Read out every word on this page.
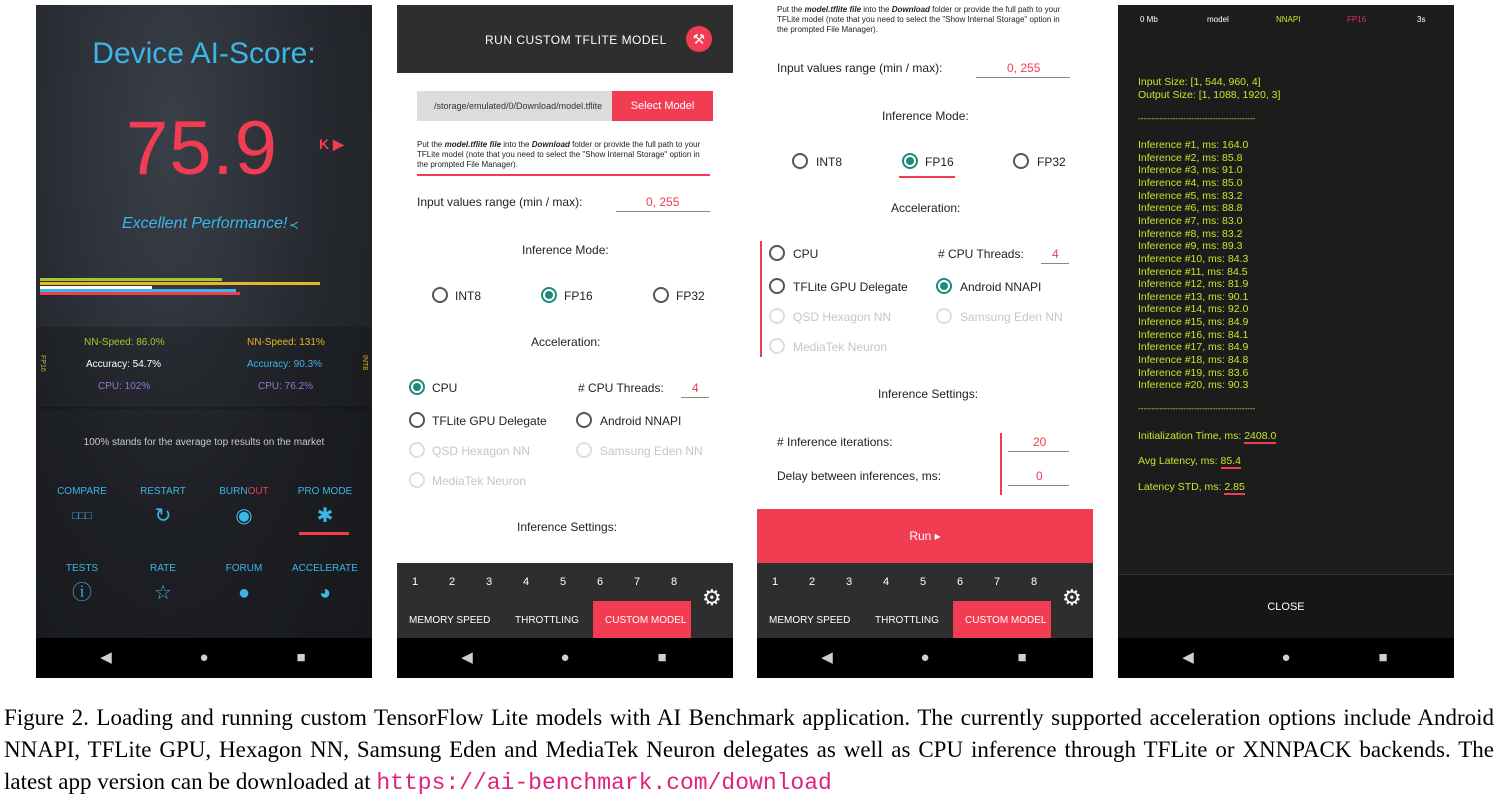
Device AI-Score:
75.9	K ▶
Excellent Performance! ≺
FP16	INT8
NN-Speed: 86.0%
Accuracy: 54.7%
CPU: 102%
NN-Speed: 131%
Accuracy: 90.3%
CPU: 76.2%
100% stands for the average top results on the market
COMPARE
□□□
RESTART
↻
BURNOUT
◉
PRO MODE
✱
TESTS
ⓘ
RATE
☆
FORUM
●
ACCELERATE
◕
◀	●	■
RUN CUSTOM TFLITE MODEL	⚒
/storage/emulated/0/Download/model.tflite	Select Model
Put the model.tflite file into the Download folder or provide the full path to your TFLite model (note that you need to select the "Show Internal Storage" option in the prompted File Manager).
Input values range (min / max):	0, 255
Inference Mode:
INT8	FP16	FP32
Acceleration:
CPU	# CPU Threads: 4
TFLite GPU Delegate	Android NNAPI
QSD Hexagon NN	Samsung Eden NN
MediaTek Neuron
Inference Settings:
1	2	3	4	5	6	7	8
⚙
MEMORY SPEED THROTTLING	CUSTOM MODEL
◀	●	■
Put the model.tflite file into the Download folder or provide the full path to your TFLite model (note that you need to select the "Show Internal Storage" option in the prompted File Manager).
Input values range (min / max):	0, 255
Inference Mode:
INT8	FP16	FP32
Acceleration:
CPU	# CPU Threads: 4
TFLite GPU Delegate	Android NNAPI
QSD Hexagon NN	Samsung Eden NN
MediaTek Neuron
Inference Settings:
# Inference iterations:	20
Delay between inferences, ms:	0
Run ▸
1	2	3	4	5	6	7	8
⚙
MEMORY SPEED THROTTLING	CUSTOM MODEL
◀	●	■
0 Mb	model	NNAPI	FP16	3s
Input Size: [1, 544, 960, 4]
Output Size: [1, 1088, 1920, 3]
--------------------------------------------
Inference #1, ms: 164.0
Inference #2, ms: 85.8
Inference #3, ms: 91.0
Inference #4, ms: 85.0
Inference #5, ms: 83.2
Inference #6, ms: 88.8
Inference #7, ms: 83.0
Inference #8, ms: 83.2
Inference #9, ms: 89.3
Inference #10, ms: 84.3
Inference #11, ms: 84.5
Inference #12, ms: 81.9
Inference #13, ms: 90.1
Inference #14, ms: 92.0
Inference #15, ms: 84.9
Inference #16, ms: 84.1
Inference #17, ms: 84.9
Inference #18, ms: 84.8
Inference #19, ms: 83.6
Inference #20, ms: 90.3
--------------------------------------------
Initialization Time, ms: 2408.0
Avg Latency, ms: 85.4
Latency STD, ms: 2.85
CLOSE
◀	●	■
Figure 2. Loading and running custom TensorFlow Lite models with AI Benchmark application. The currently supported acceleration options include Android NNAPI, TFLite GPU, Hexagon NN, Samsung Eden and MediaTek Neuron delegates as well as CPU inference through TFLite or XNNPACK backends. The latest app version can be downloaded at https://ai-benchmark.com/download
